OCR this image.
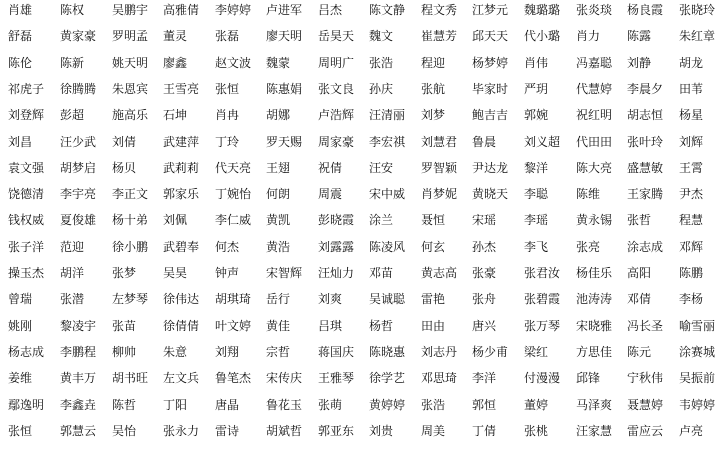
肖雄 陈权 吴鹏宇 高雅倩 李婷婷 卢进军 吕杰 陈文静 程文秀 江梦元 魏璐璐 张炎琰 杨良霞 张晓玲
舒磊 黄家豪 罗明孟 董灵 张磊 廖天明 岳昊天 魏文 崔慧芳 邱天天 代小璐 肖力 陈露 朱红章
陈伦 陈新 姚天明 廖鑫 赵文波 魏蒙 周明广 张浩 程迎 杨梦婷 肖伟 冯嘉聪 刘静 胡龙
祁虎子 徐腾腾 朱恩宾 王雪亮 张恒 陈惠娟 张文良 孙庆 张航 毕家时 严玥 代慧婷 李晨夕 田苇
刘登辉 彭超 施高乐 石坤 肖冉 胡娜 卢浩辉 汪清丽 刘梦 鲍吉吉 郭婉 祝红明 胡志恒 杨星
刘昌 汪少武 刘倩 武建萍 丁玲 罗天赐 周家豪 李宏祺 刘慧君 鲁晨 刘义超 代田田 张叶玲 刘辉
袁文强 胡梦启 杨贝 武莉莉 代天亮 王翅 祝倩 汪安 罗智颖 尹达龙 黎洋 陈大亮 盛慧敏 王霄
饶德清 李宇亮 李正文 郭家乐 丁婉怡 何朗 周震 宋中威 肖梦妮 黄晓天 李聪 陈维 王家腾 尹杰
钱权威 夏俊雄 杨十弟 刘佩 李仁威 黄凯 彭晓霞 涂兰 聂恒 宋瑶 李瑶 黄永锡 张哲 程慧
张子洋 范迎 徐小鹏 武碧奉 何杰 黄浩 刘露露 陈凌风 何玄 孙杰 李飞 张亮 涂志成 邓辉
操玉杰 胡洋 张梦 吴昊 钟声 宋智辉 汪灿力 邓苗 黄志高 张豪 张君汝 杨佳乐 高阳 陈鹏
曾瑞 张潜 左梦琴 徐伟达 胡琪琦 岳行 刘爽 吴诚聪 雷艳 张舟 张碧霞 池涛涛 邓倩 李杨
姚刚 黎凌宇 张苗 徐倩倩 叶文婷 黄佳 吕琪 杨哲 田由 唐兴 张万琴 宋晓雅 冯长圣 喻雪丽
杨志成 李鹏程 柳帅 朱意 刘翔 宗哲 蒋国庆 陈晓惠 刘志丹 杨少甫 梁红 方思佳 陈元 涂赛城
姜维 黄丰万 胡书旺 左文兵 鲁笔杰 宋传庆 王雅琴 徐学艺 邓思琦 李洋 付漫漫 邱锋 宁秋伟 吴振前
鄢逸明 李鑫垚 陈哲 丁阳 唐晶 鲁花玉 张萌 黄婷婷 张浩 郭恒 董婷 马泽爽 聂慧婷 韦婷婷
张恒 郭慧云 吴怡 张永力 雷诗 胡斌哲 郭亚东 刘贵 周美 丁倩 张桃 汪家慧 雷应云 卢亮
